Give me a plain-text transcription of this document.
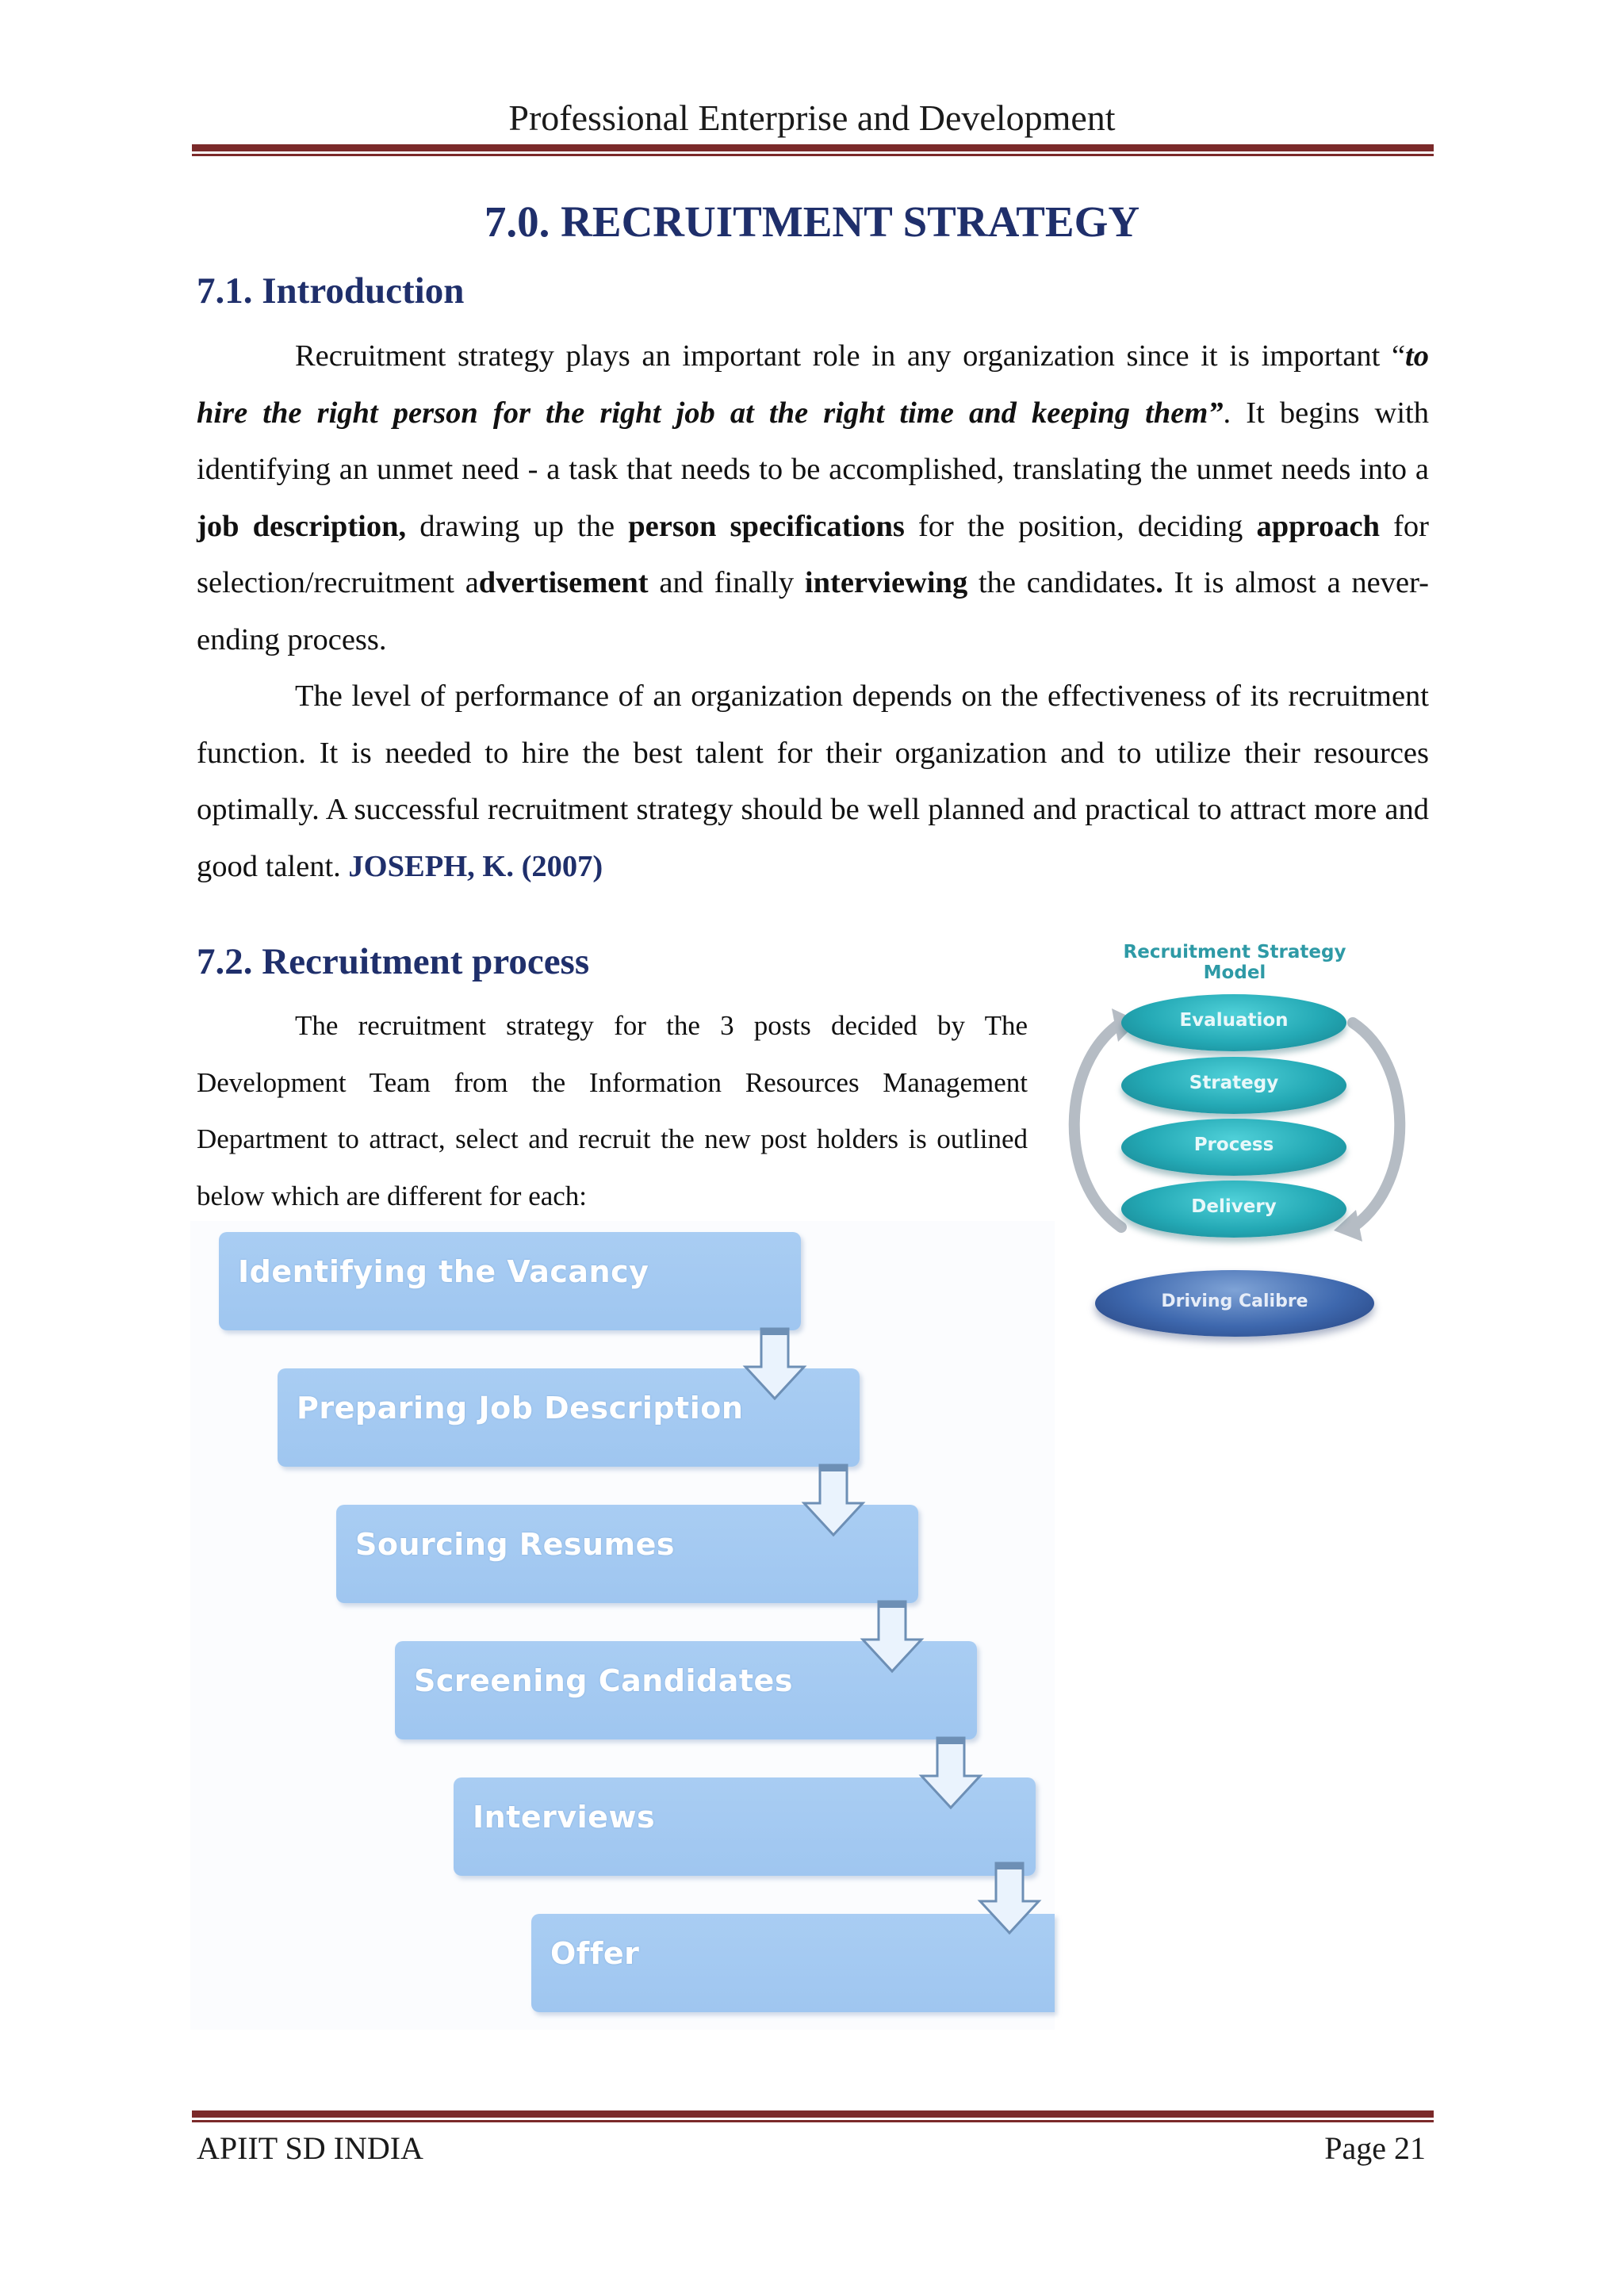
Professional Enterprise and Development
7.0. RECRUITMENT STRATEGY
7.1. Introduction
Recruitment strategy plays an important role in any organization since it is important “to hire the right person for the right job at the right time and keeping them”. It begins with identifying an unmet need - a task that needs to be accomplished, translating the unmet needs into a job description, drawing up the person specifications for the position, deciding approach for selection/recruitment advertisement and finally interviewing the candidates. It is almost a never-ending process.
The level of performance of an organization depends on the effectiveness of its recruitment function. It is needed to hire the best talent for their organization and to utilize their resources optimally. A successful recruitment strategy should be well planned and practical to attract more and good talent. JOSEPH, K. (2007)
7.2. Recruitment process
The recruitment strategy for the 3 posts decided by The Development Team from the Information Resources Management Department to attract, select and recruit the new post holders is outlined below which are different for each:
Identifying the Vacancy
Preparing Job Description
Sourcing Resumes
Screening Candidates
Interviews
Offer
Recruitment Strategy Model
Evaluation
Strategy
Process
Delivery
Driving Calibre
APIIT SD INDIA	Page 21
